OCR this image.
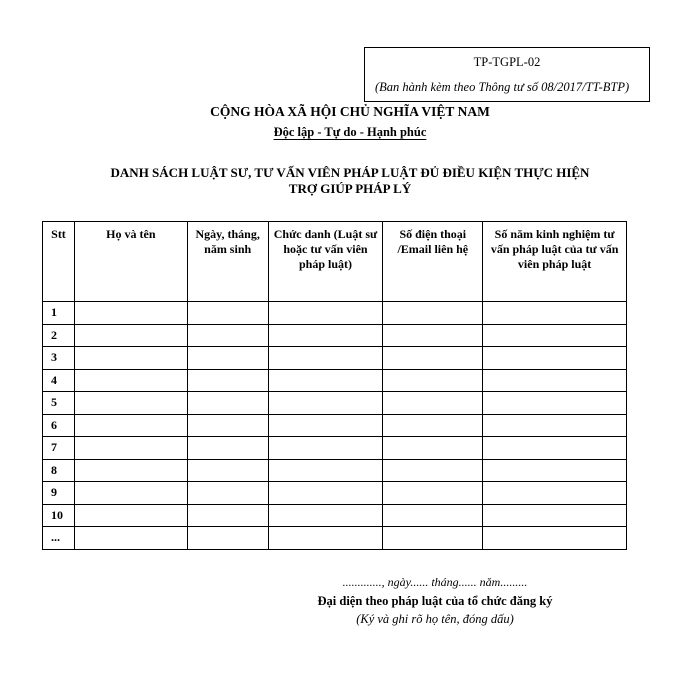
TP-TGPL-02
(Ban hành kèm theo Thông tư số 08/2017/TT-BTP)
CỘNG HÒA XÃ HỘI CHỦ NGHĨA VIỆT NAM
Độc lập - Tự do - Hạnh phúc
DANH SÁCH LUẬT SƯ, TƯ VẤN VIÊN PHÁP LUẬT ĐỦ ĐIỀU KIỆN THỰC HIỆN
TRỢ GIÚP PHÁP LÝ
Stt	Họ và tên	Ngày, tháng, năm sinh	Chức danh (Luật sư hoặc tư vấn viên pháp luật)	Số điện thoại /Email liên hệ	Số năm kinh nghiệm tư vấn pháp luật của tư vấn viên pháp luật
1					
2					
3					
4					
5					
6					
7					
8					
9					
10					
...					
............., ngày...... tháng...... năm.........
Đại diện theo pháp luật của tổ chức đăng ký
(Ký và ghi rõ họ tên, đóng dấu)
